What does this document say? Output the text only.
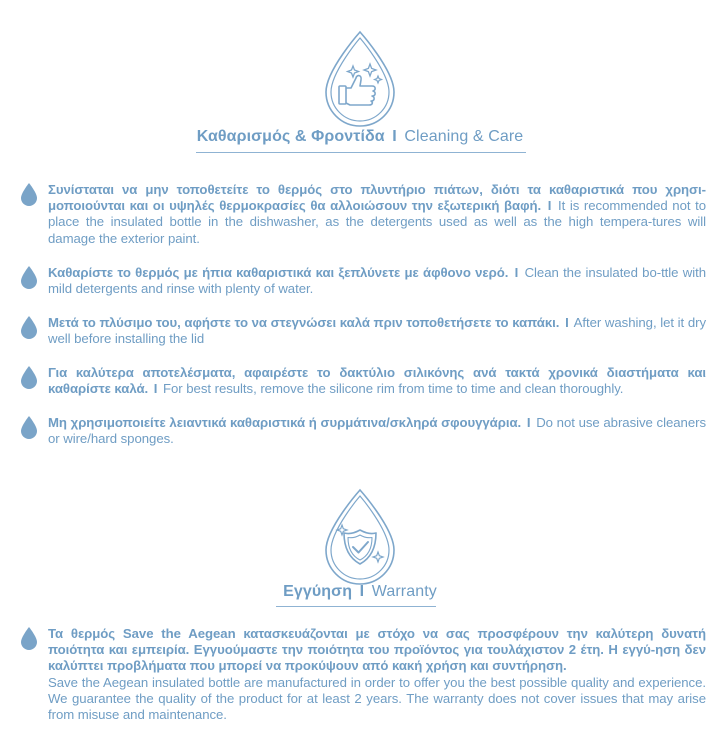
Καθαρισμός & Φροντίδα I Cleaning & Care
Συνίσταται να μην τοποθετείτε το θερμός στο πλυντήριο πιάτων, διότι τα καθαριστικά που χρησι-μοποιούνται και οι υψηλές θερμοκρασίες θα αλλοιώσουν την εξωτερική βαφή. I It is recommended not to place the insulated bottle in the dishwasher, as the detergents used as well as the high tempera-tures will damage the exterior paint.
Καθαρίστε το θερμός με ήπια καθαριστικά και ξεπλύνετε με άφθονο νερό. I Clean the insulated bo-ttle with mild detergents and rinse with plenty of water.
Μετά το πλύσιμο του, αφήστε το να στεγνώσει καλά πριν τοποθετήσετε το καπάκι. I After washing, let it dry well before installing the lid
Για καλύτερα αποτελέσματα, αφαιρέστε το δακτύλιο σιλικόνης ανά τακτά χρονικά διαστήματα και καθαρίστε καλά. I For best results, remove the silicone rim from time to time and clean thoroughly.
Μη χρησιμοποιείτε λειαντικά καθαριστικά ή συρμάτινα/σκληρά σφουγγάρια. I Do not use abrasive cleaners or wire/hard sponges.
Εγγύηση I Warranty
Τα θερμός Save the Aegean κατασκευάζονται με στόχο να σας προσφέρουν την καλύτερη δυνατή ποιότητα και εμπειρία. Εγγυούμαστε την ποιότητα του προϊόντος για τουλάχιστον 2 έτη. Η εγγύ-ηση δεν καλύπτει προβλήματα που μπορεί να προκύψουν από κακή χρήση και συντήρηση.
Save the Aegean insulated bottle are manufactured in order to offer you the best possible quality and experience. We guarantee the quality of the product for at least 2 years. The warranty does not cover issues that may arise from misuse and maintenance.
